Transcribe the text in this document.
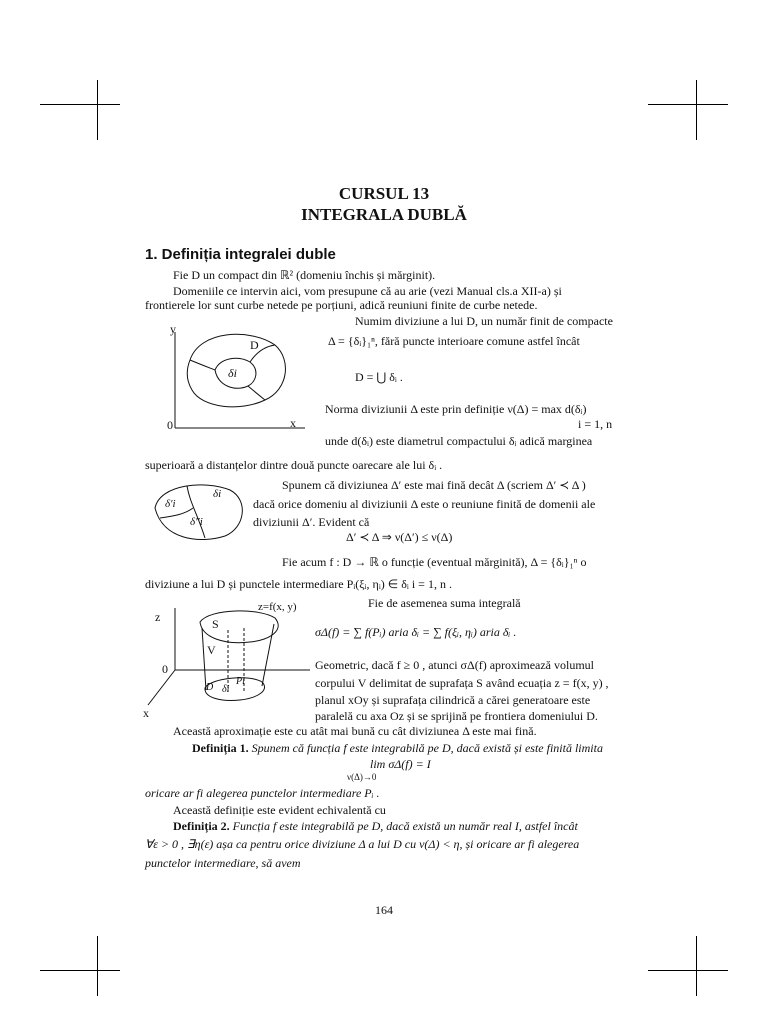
CURSUL 13
INTEGRALA DUBLĂ
1. Definiția integralei duble
Fie D un compact din ℝ² (domeniu închis și mărginit).
Domeniile ce intervin aici, vom presupune că au arie (vezi Manual cls.a XII-a) și
frontierele lor sunt curbe netede pe porțiuni, adică reuniuni finite de curbe netede.
Numim diviziune a lui D, un număr finit de compacte
Δ = {δᵢ}₁ⁿ, fără puncte interioare comune astfel încât
D = ⋃ δᵢ .
Norma diviziunii Δ este prin definiție ν(Δ) = max d(δᵢ)
i = 1, n
unde d(δᵢ) este diametrul compactului δᵢ adică marginea
superioară a distanțelor dintre două puncte oarecare ale lui δᵢ .
y
x
0
D
δi
δ′i
δi
δ″i
Spunem că diviziunea Δ′ este mai fină decât Δ (scriem Δ′ ≺ Δ )
dacă orice domeniu al diviziunii Δ este o reuniune finită de domenii ale
diviziunii Δ′. Evident că
Δ′ ≺ Δ ⇒ ν(Δ′) ≤ ν(Δ)
Fie acum f : D → ℝ o funcție (eventual mărginită), Δ = {δᵢ}₁ⁿ o
diviziune a lui D și punctele intermediare Pᵢ(ξᵢ, ηᵢ) ∈ δᵢ i = 1, n .
Fie de asemenea suma integrală
σΔ(f) = ∑ f(Pᵢ) aria δᵢ = ∑ f(ξᵢ, ηᵢ) aria δᵢ .
z
x
0
S
V
z=f(x, y)
D δi
Pi
Geometric, dacă f ≥ 0 , atunci σΔ(f) aproximează volumul
corpului V delimitat de suprafața S având ecuația z = f(x, y) ,
planul xOy și suprafața cilindrică a cărei generatoare este
paralelă cu axa Oz și se sprijină pe frontiera domeniului D.
Această aproximație este cu atât mai bună cu cât diviziunea Δ este mai fină.
Definiția 1. Spunem că funcția f este integrabilă pe D, dacă există și este finită limita
lim σΔ(f) = I
ν(Δ)→0
oricare ar fi alegerea punctelor intermediare Pᵢ .
Această definiție este evident echivalentă cu
Definiția 2. Funcția f este integrabilă pe D, dacă există un număr real I, astfel încât
∀ε > 0 , ∃η(ε) așa ca pentru orice diviziune Δ a lui D cu ν(Δ) < η, și oricare ar fi alegerea
punctelor intermediare, să avem
164
